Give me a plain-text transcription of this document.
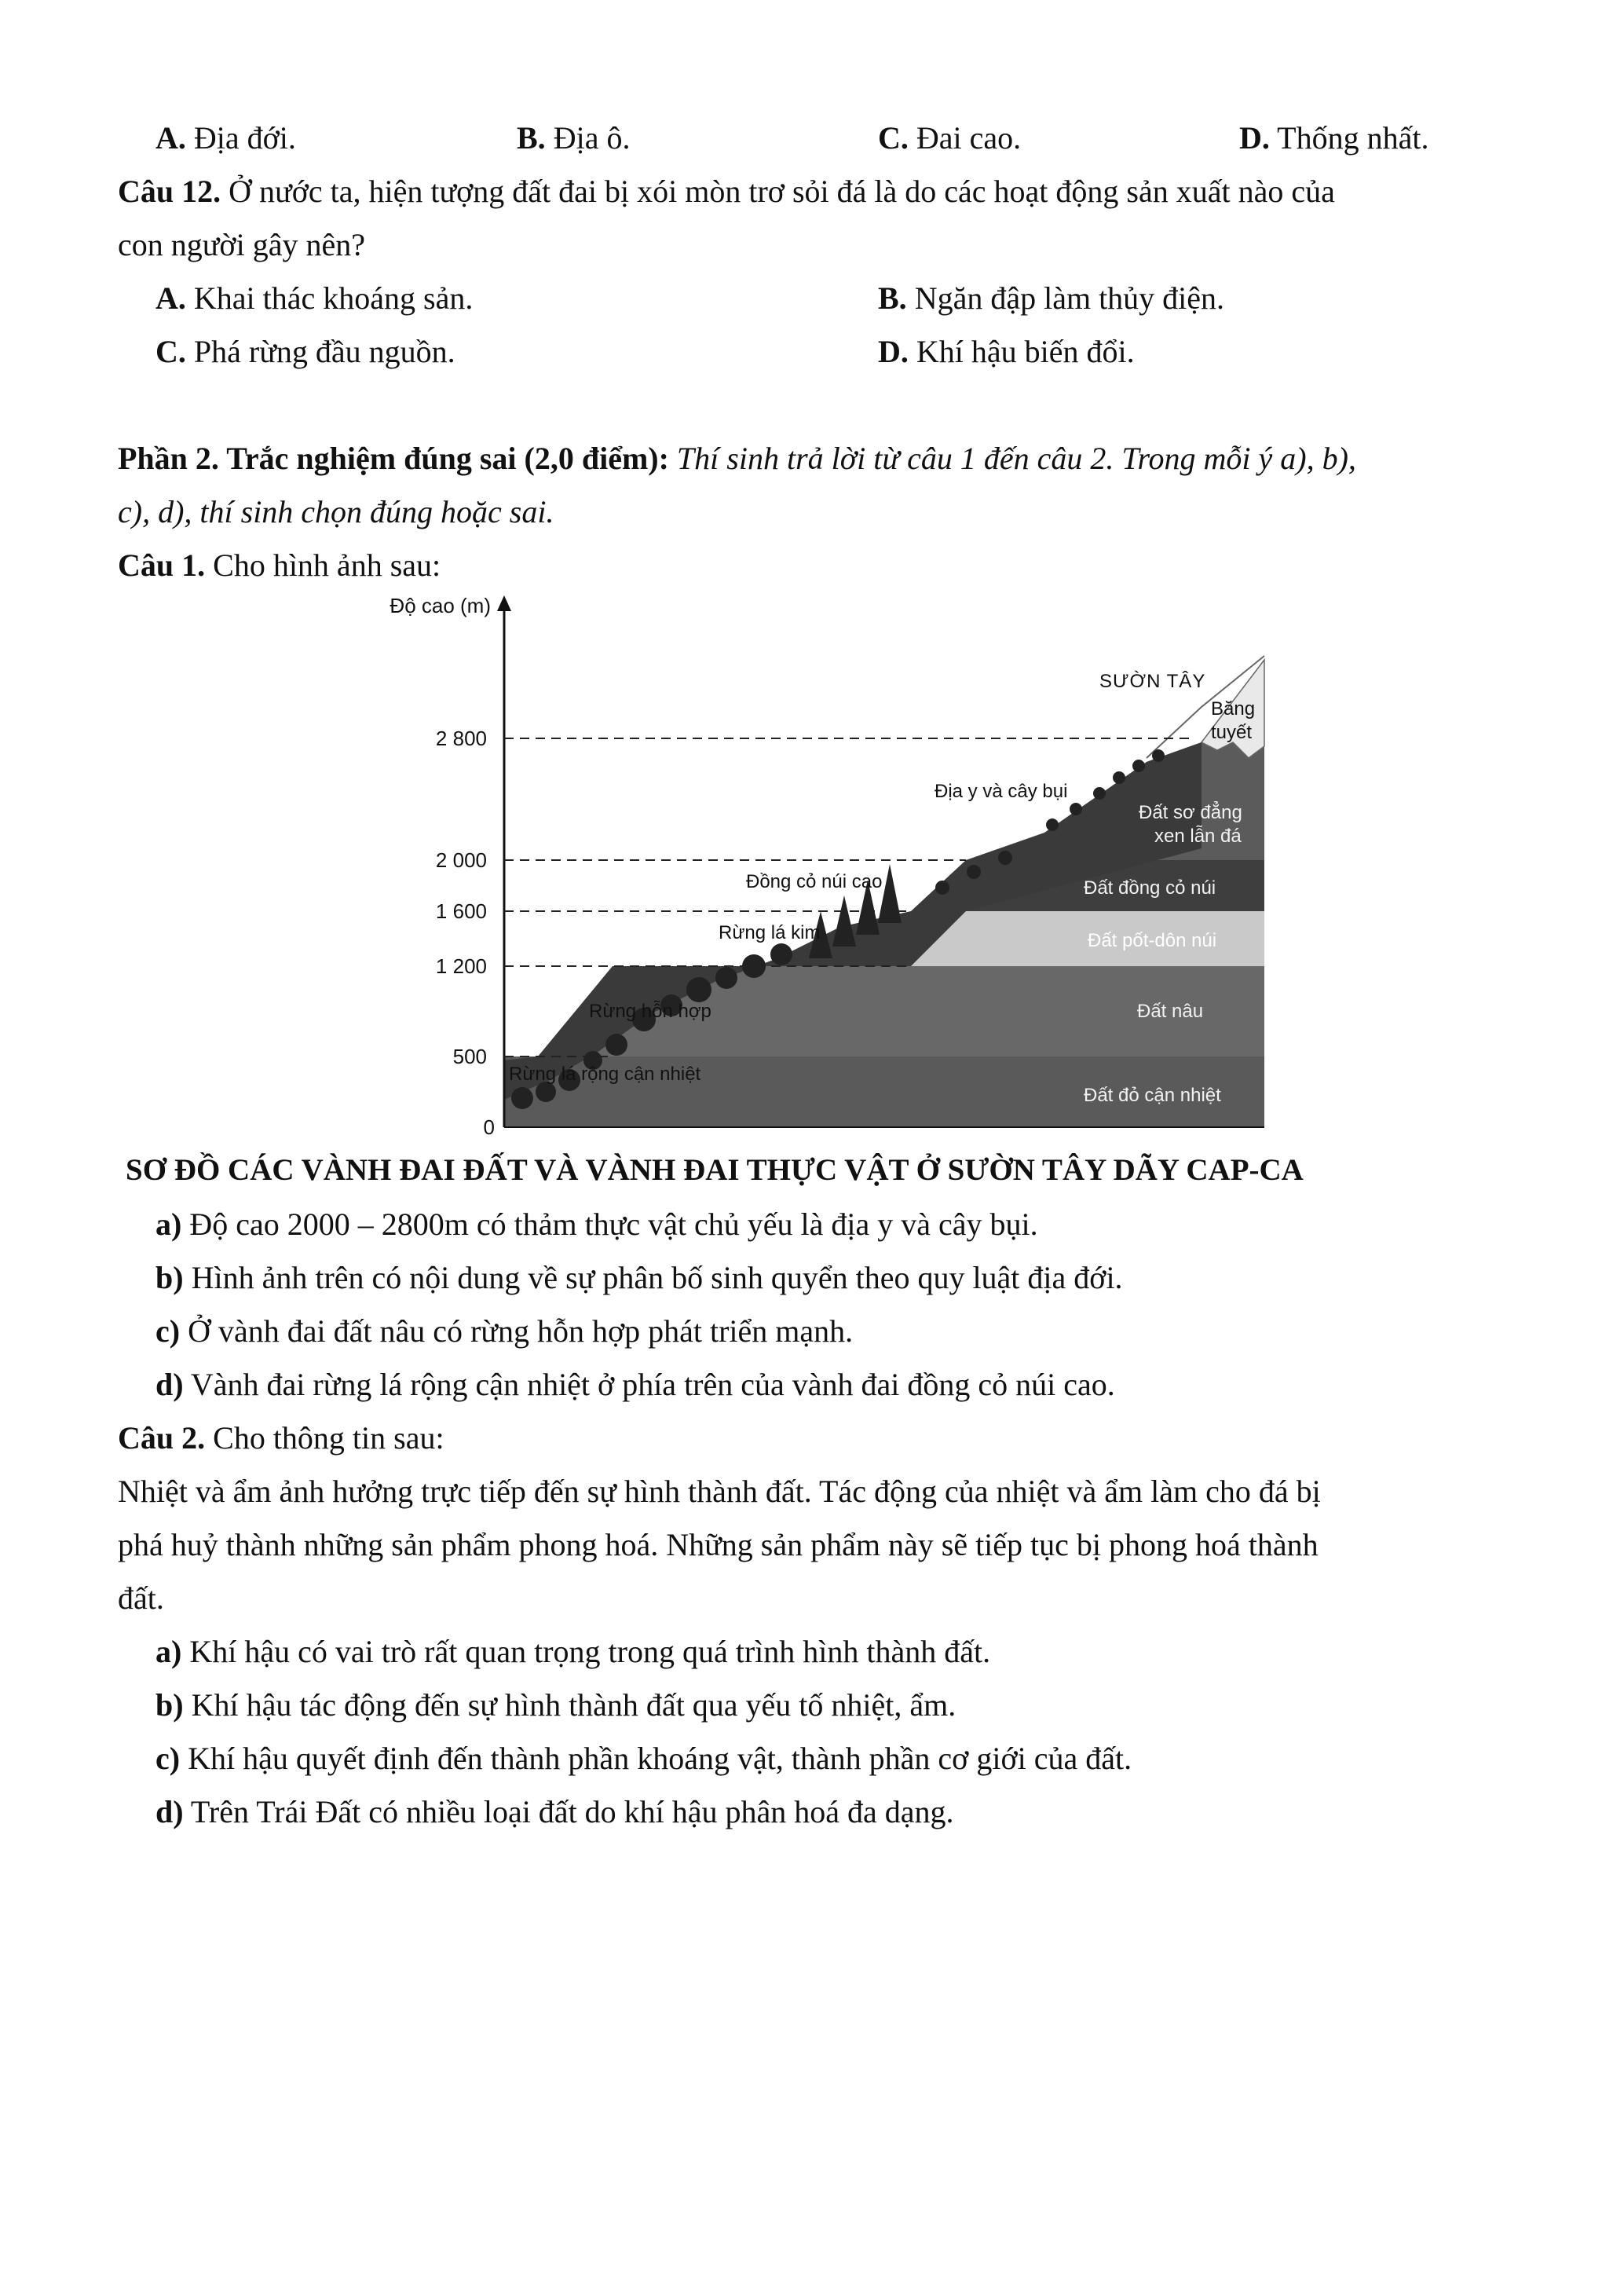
A. Địa đới.	B. Địa ô.	C. Đai cao.	D. Thống nhất.
Câu 12. Ở nước ta, hiện tượng đất đai bị xói mòn trơ sỏi đá là do các hoạt động sản xuất nào của
con người gây nên?
A. Khai thác khoáng sản.	B. Ngăn đập làm thủy điện.
C. Phá rừng đầu nguồn.	D. Khí hậu biến đổi.
Phần 2. Trắc nghiệm đúng sai (2,0 điểm): Thí sinh trả lời từ câu 1 đến câu 2. Trong mỗi ý a), b),
c), d), thí sinh chọn đúng hoặc sai.
Câu 1. Cho hình ảnh sau:
Độ cao (m)
2 800
2 000
1 600
1 200
500
0
SƯỜN TÂY
Băng
tuyết
Địa y và cây bụi
Đồng cỏ núi cao
Rừng lá kim
Rừng hỗn hợp
Rừng lá rộng cận nhiệt
Đất sơ đẳng
xen lẫn đá
Đất đồng cỏ núi
Đất pốt-dôn núi
Đất nâu
Đất đỏ cận nhiệt
SƠ ĐỒ CÁC VÀNH ĐAI ĐẤT VÀ VÀNH ĐAI THỰC VẬT Ở SƯỜN TÂY DÃY CAP-CA
a) Độ cao 2000 – 2800m có thảm thực vật chủ yếu là địa y và cây bụi.
b) Hình ảnh trên có nội dung về sự phân bố sinh quyển theo quy luật địa đới.
c) Ở vành đai đất nâu có rừng hỗn hợp phát triển mạnh.
d) Vành đai rừng lá rộng cận nhiệt ở phía trên của vành đai đồng cỏ núi cao.
Câu 2. Cho thông tin sau:
Nhiệt và ẩm ảnh hưởng trực tiếp đến sự hình thành đất. Tác động của nhiệt và ẩm làm cho đá bị
phá huỷ thành những sản phẩm phong hoá. Những sản phẩm này sẽ tiếp tục bị phong hoá thành
đất.
a) Khí hậu có vai trò rất quan trọng trong quá trình hình thành đất.
b) Khí hậu tác động đến sự hình thành đất qua yếu tố nhiệt, ẩm.
c) Khí hậu quyết định đến thành phần khoáng vật, thành phần cơ giới của đất.
d) Trên Trái Đất có nhiều loại đất do khí hậu phân hoá đa dạng.
